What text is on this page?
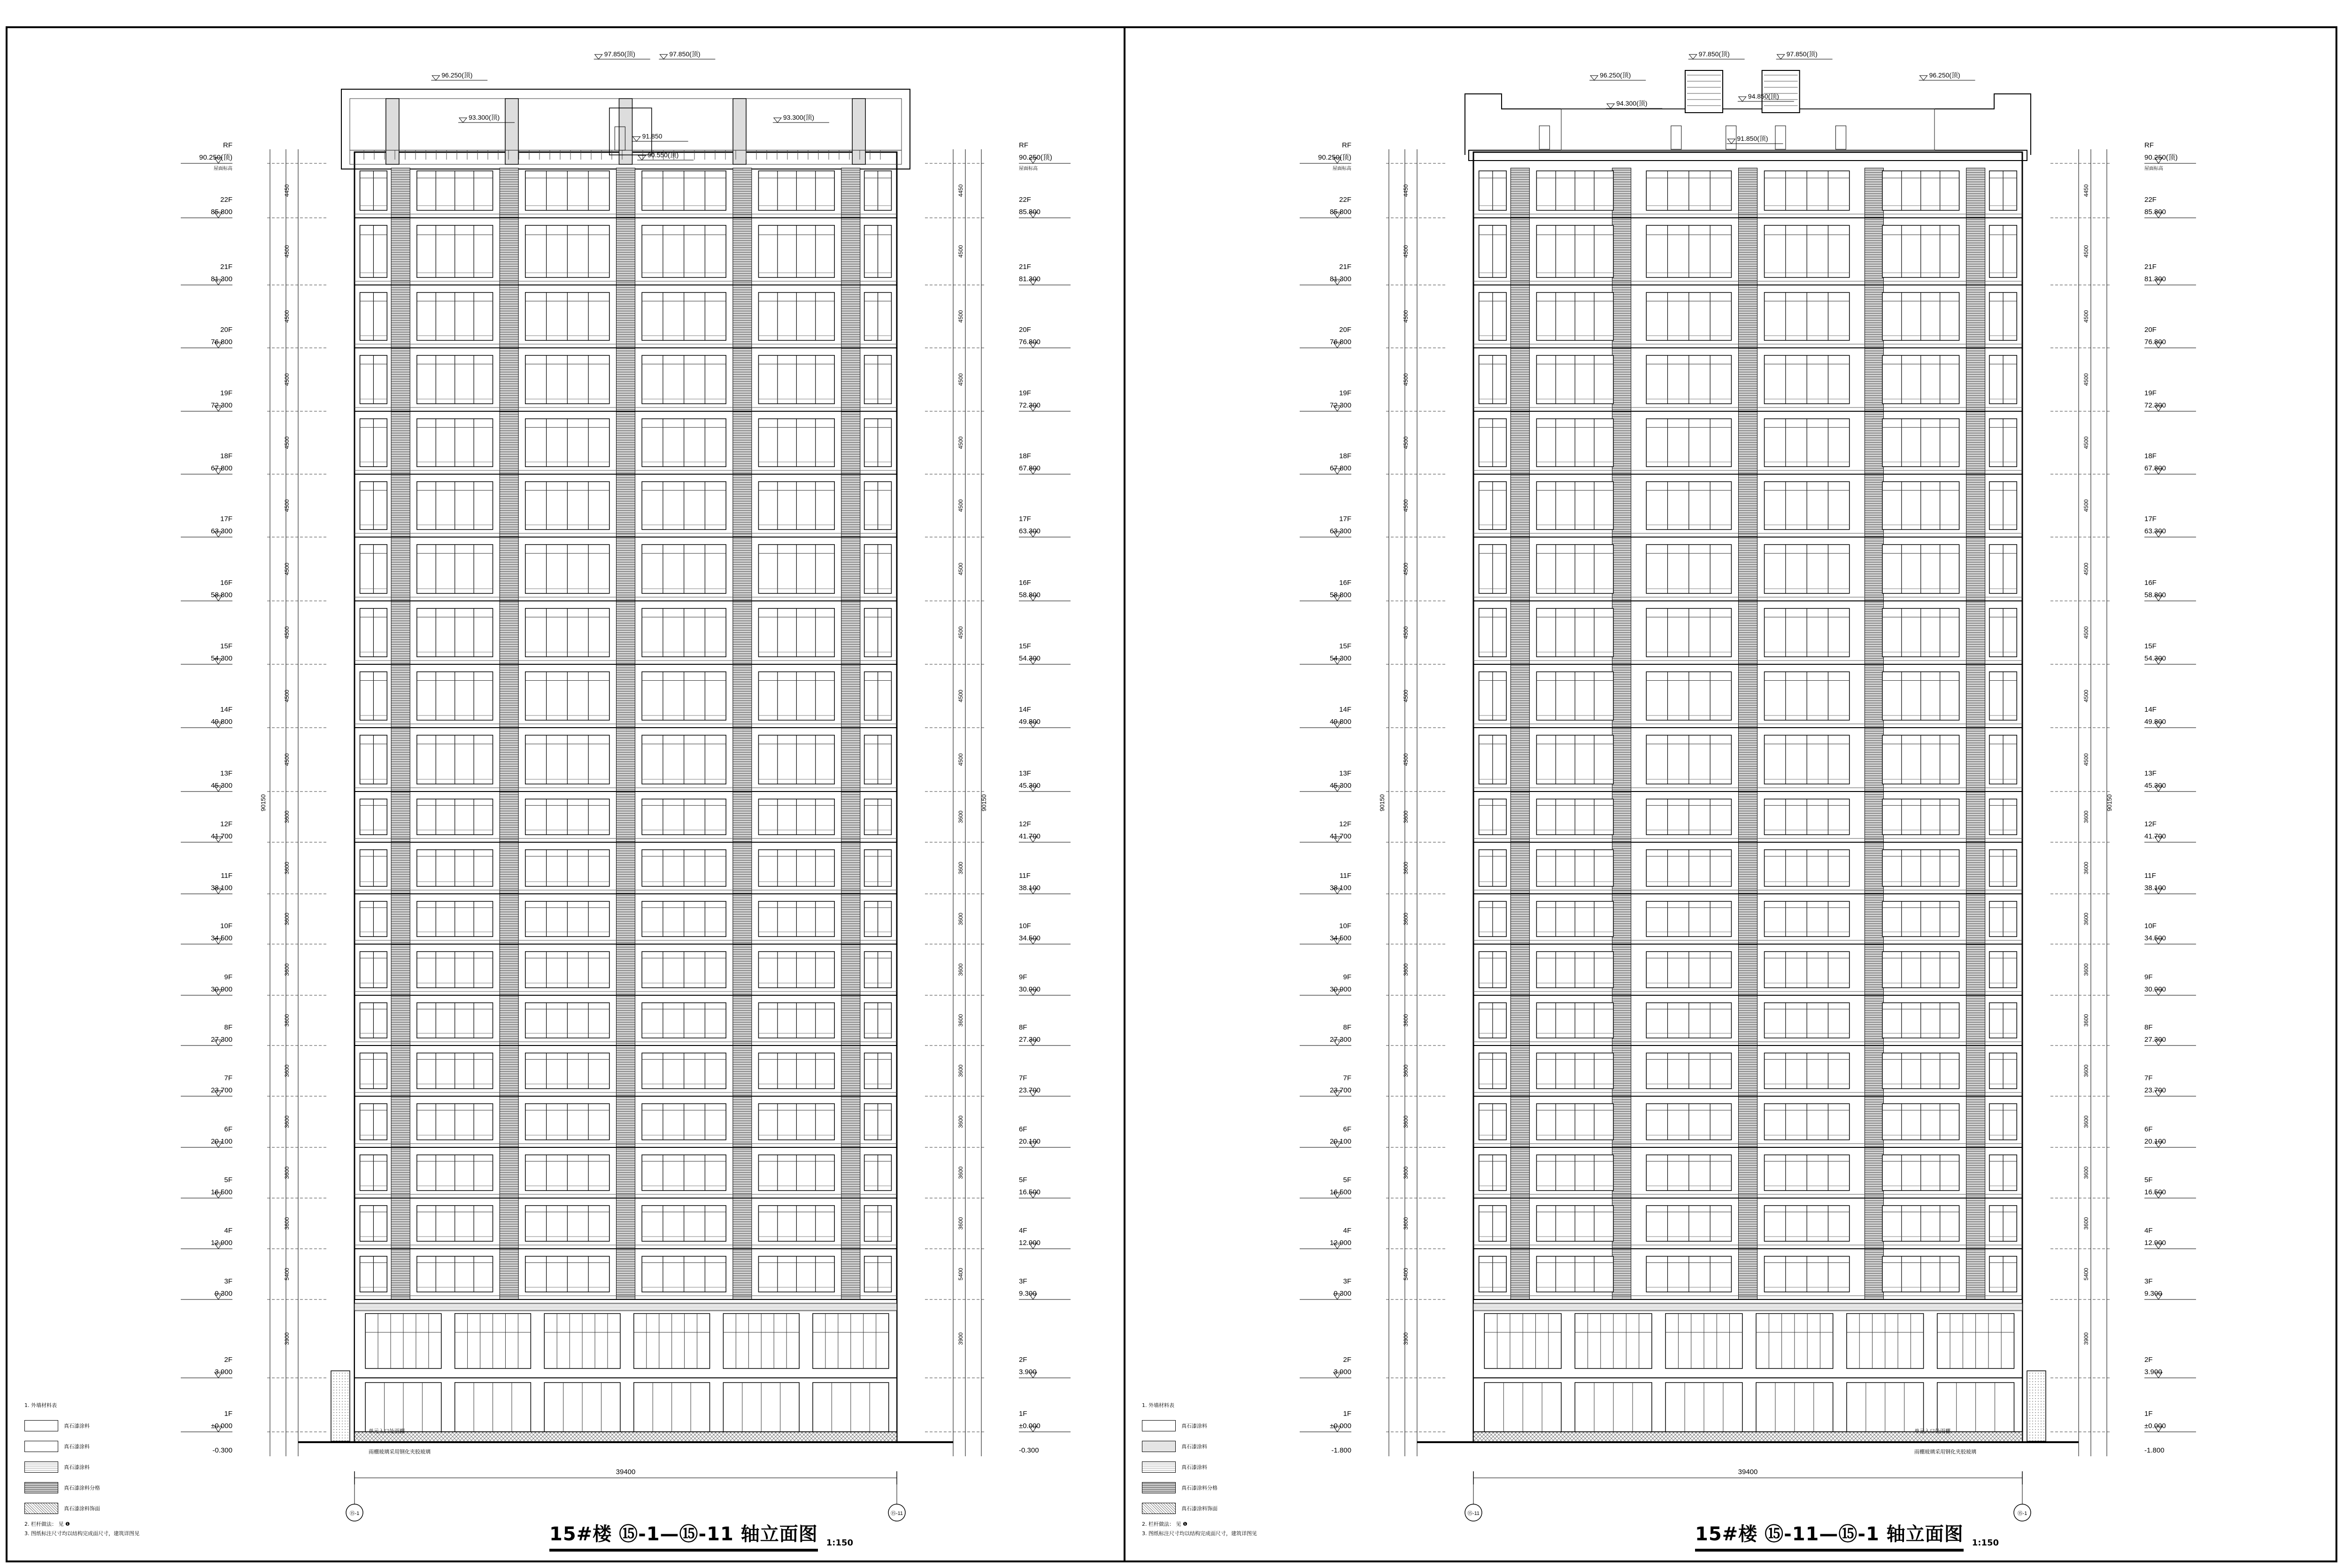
97.850(顶)	97.850(顶)
96.250(顶)
93.300(顶)	93.300(顶)
91.850
90.550(顶)
单元入口处雨棚
雨棚玻璃采用钢化夹胶玻璃
90150
RF
90.250(顶)
屋面标高
4450
22F
85.800
4500
21F
81.300
4500
20F
76.800
4500
19F
72.300
4500
18F
67.800
4500
17F
63.300
4500
16F
58.800
4500
15F
54.300
4500
14F
49.800
4500
13F
45.300
3600
12F
41.700
3600
11F
38.100
3600
10F
34.500
3600
9F
30.900
3600
8F
27.300
3600
7F
23.700
3600
6F
20.100
3600
5F
16.500
3600
4F
12.900
5400
3F
9.300
3900
2F
3.900
1F
±0.000
-0.300
90150
RF
90.250(顶)
屋面标高
4450
22F
85.800
4500
21F
81.300
4500
20F
76.800
4500
19F
72.300
4500
18F
67.800
4500
17F
63.300
4500
16F
58.800
4500
15F
54.300
4500
14F
49.800
4500
13F
45.300
3600
12F
41.700
3600
11F
38.100
3600
10F
34.500
3600
9F
30.900
3600
8F
27.300
3600
7F
23.700
3600
6F
20.100
3600
5F
16.500
3600
4F
12.900
5400
3F
9.300
3900
2F
3.900
1F
±0.000
-0.300
39400
⑮-1	⑮-11
97.850(顶)	97.850(顶)
96.250(顶)	96.250(顶)
94.850(顶)
94.300(顶)
91.850(顶)
单元入口处雨棚
雨棚玻璃采用钢化夹胶玻璃
90150
RF
90.250(顶)
屋面标高
4450
22F
85.800
4500
21F
81.300
4500
20F
76.800
4500
19F
72.300
4500
18F
67.800
4500
17F
63.300
4500
16F
58.800
4500
15F
54.300
4500
14F
49.800
4500
13F
45.300
3600
12F
41.700
3600
11F
38.100
3600
10F
34.500
3600
9F
30.900
3600
8F
27.300
3600
7F
23.700
3600
6F
20.100
3600
5F
16.500
3600
4F
12.900
5400
3F
9.300
3900
2F
3.900
1F
±0.000
-1.800
90150
RF
90.250(顶)
屋面标高
4450
22F
85.800
4500
21F
81.300
4500
20F
76.800
4500
19F
72.300
4500
18F
67.800
4500
17F
63.300
4500
16F
58.800
4500
15F
54.300
4500
14F
49.800
4500
13F
45.300
3600
12F
41.700
3600
11F
38.100
3600
10F
34.500
3600
9F
30.900
3600
8F
27.300
3600
7F
23.700
3600
6F
20.100
3600
5F
16.500
3600
4F
12.900
5400
3F
9.300
3900
2F
3.900
1F
±0.000
-1.800
39400
⑮-11	⑮-1
15#楼 ⑮-1—⑮-11 轴立面图 1:150	15#楼 ⑮-11—⑮-1 轴立面图 1:150
1. 外墙材料表
真石漆涂料
真石漆涂料
真石漆涂料
真石漆涂料分格
真石漆涂料饰面
2. 栏杆做法： 见 ❶
3. 图纸标注尺寸均以结构完成面尺寸，建筑详图见
1. 外墙材料表
真石漆涂料
真石漆涂料
真石漆涂料
真石漆涂料分格
真石漆涂料饰面
2. 栏杆做法： 见 ❶
3. 图纸标注尺寸均以结构完成面尺寸，建筑详图见
